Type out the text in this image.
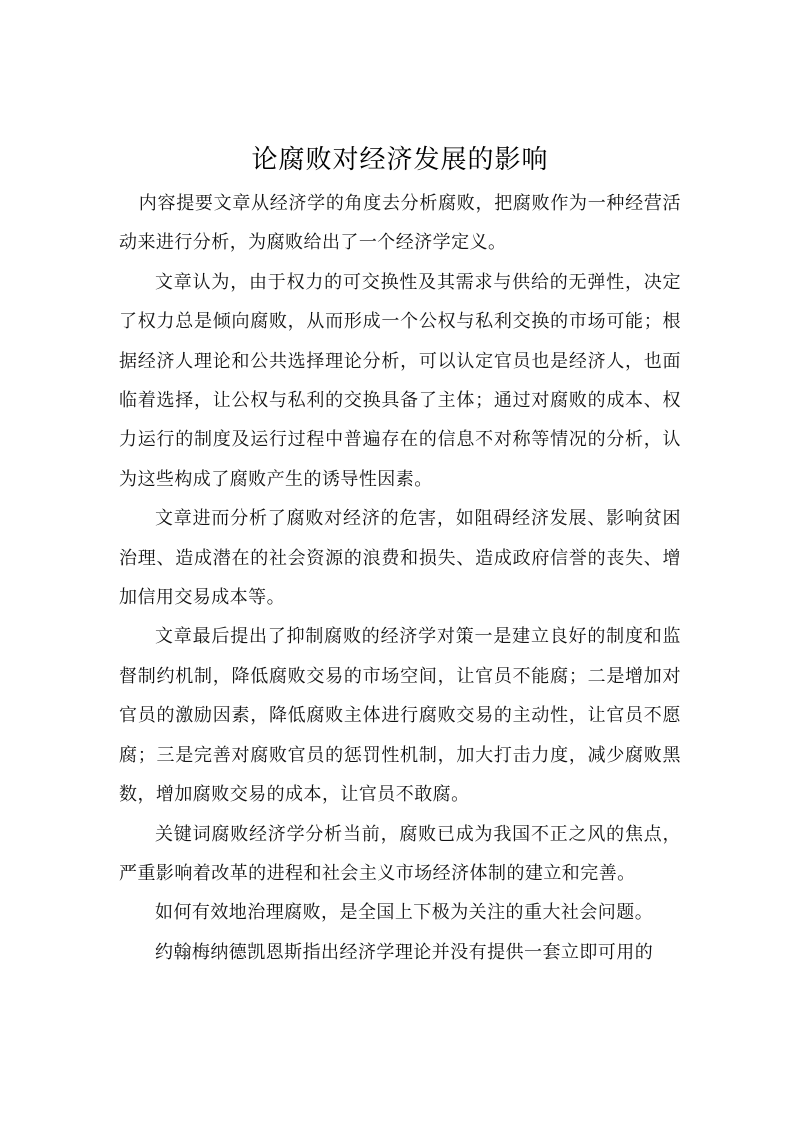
论腐败对经济发展的影响

内容提要文章从经济学的角度去分析腐败，把腐败作为一种经营活动来进行分析，为腐败给出了一个经济学定义。

文章认为，由于权力的可交换性及其需求与供给的无弹性，决定了权力总是倾向腐败，从而形成一个公权与私利交换的市场可能；根据经济人理论和公共选择理论分析，可以认定官员也是经济人，也面临着选择，让公权与私利的交换具备了主体；通过对腐败的成本、权力运行的制度及运行过程中普遍存在的信息不对称等情况的分析，认为这些构成了腐败产生的诱导性因素。

文章进而分析了腐败对经济的危害，如阻碍经济发展、影响贫困治理、造成潜在的社会资源的浪费和损失、造成政府信誉的丧失、增加信用交易成本等。

文章最后提出了抑制腐败的经济学对策一是建立良好的制度和监督制约机制，降低腐败交易的市场空间，让官员不能腐；二是增加对官员的激励因素，降低腐败主体进行腐败交易的主动性，让官员不愿腐；三是完善对腐败官员的惩罚性机制，加大打击力度，减少腐败黑数，增加腐败交易的成本，让官员不敢腐。

关键词腐败经济学分析当前，腐败已成为我国不正之风的焦点，严重影响着改革的进程和社会主义市场经济体制的建立和完善。

如何有效地治理腐败，是全国上下极为关注的重大社会问题。

约翰梅纳德凯恩斯指出经济学理论并没有提供一套立即可用的
